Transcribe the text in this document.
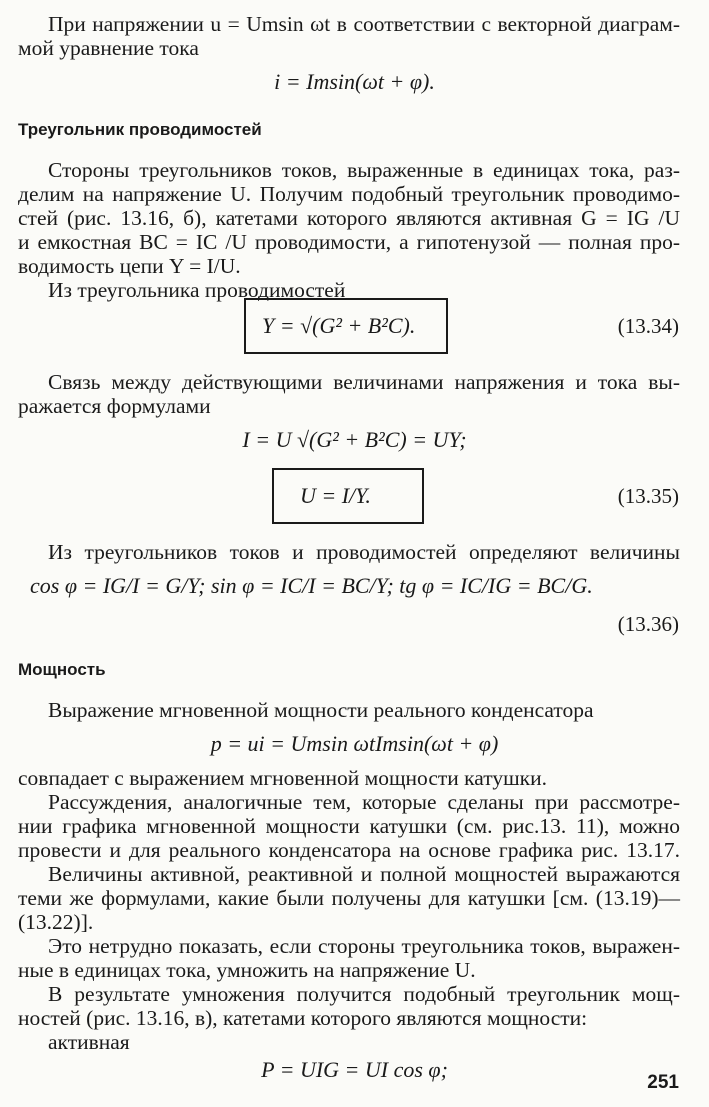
При напряжении u = Umsin ωt в соответствии с векторной диаграм-
мой уравнение тока
i = Imsin(ωt + φ).
Треугольник проводимостей
Стороны треугольников токов, выраженные в единицах тока, раз-
делим на напряжение U. Получим подобный треугольник проводимо-
стей (рис. 13.16, б), катетами которого являются активная G = IG /U
и емкостная BC = IC /U проводимости, а гипотенузой — полная про-
водимость цепи Y = I/U.
Из треугольника проводимостей
Y = √(G² + B²C).	(13.34)
Связь между действующими величинами напряжения и тока вы-
ражается формулами
I = U √(G² + B²C) = UY;
U = I/Y.	(13.35)
Из треугольников токов и проводимостей определяют величины
cos φ = IG/I = G/Y; sin φ = IC/I = BC/Y; tg φ = IC/IG = BC/G.
(13.36)
Мощность
Выражение мгновенной мощности реального конденсатора
p = ui = Umsin ωtImsin(ωt + φ)
совпадает с выражением мгновенной мощности катушки.
Рассуждения, аналогичные тем, которые сделаны при рассмотре-
нии графика мгновенной мощности катушки (см. рис.13. 11), можно
провести и для реального конденсатора на основе графика рис. 13.17.
Величины активной, реактивной и полной мощностей выражаются
теми же формулами, какие были получены для катушки [см. (13.19)—
(13.22)].
Это нетрудно показать, если стороны треугольника токов, выражен-
ные в единицах тока, умножить на напряжение U.
В результате умножения получится подобный треугольник мощ-
ностей (рис. 13.16, в), катетами которого являются мощности:
активная
P = UIG = UI cos φ;
251
